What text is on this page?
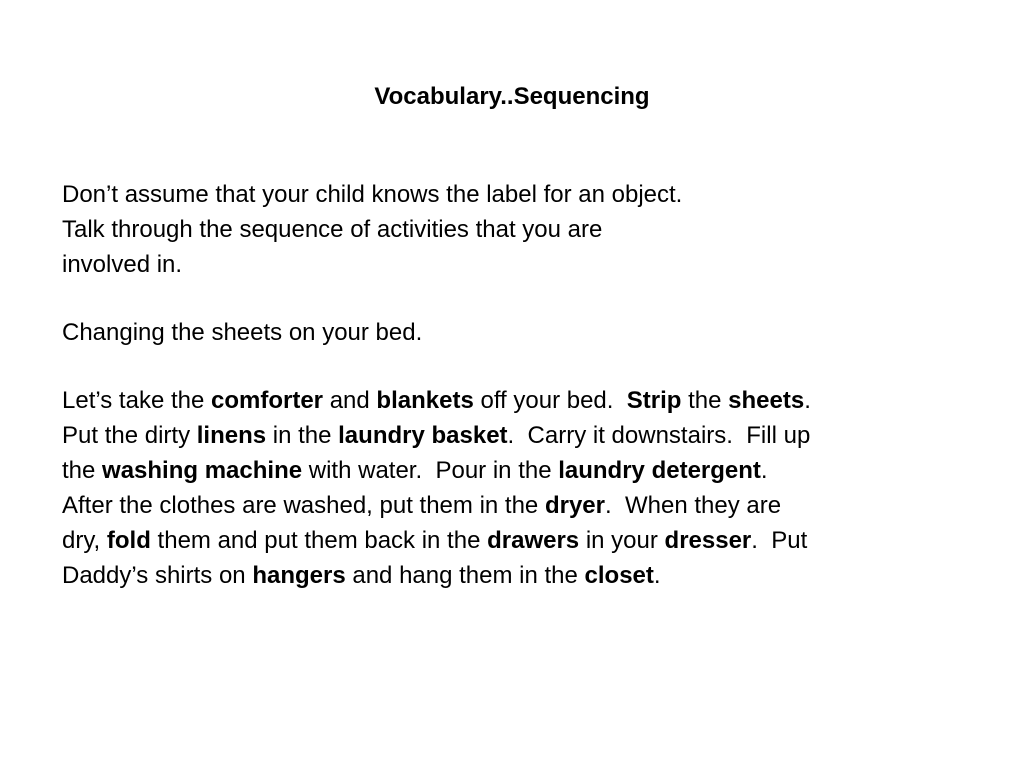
Vocabulary..Sequencing
Don’t assume that your child knows the label for an object.
Talk through the sequence of activities that you are
involved in.
Changing the sheets on your bed.
Let’s take the comforter and blankets off your bed.  Strip the sheets.
Put the dirty linens in the laundry basket.  Carry it downstairs.  Fill up
the washing machine with water.  Pour in the laundry detergent.
After the clothes are washed, put them in the dryer.  When they are
dry, fold them and put them back in the drawers in your dresser.  Put
Daddy’s shirts on hangers and hang them in the closet.
